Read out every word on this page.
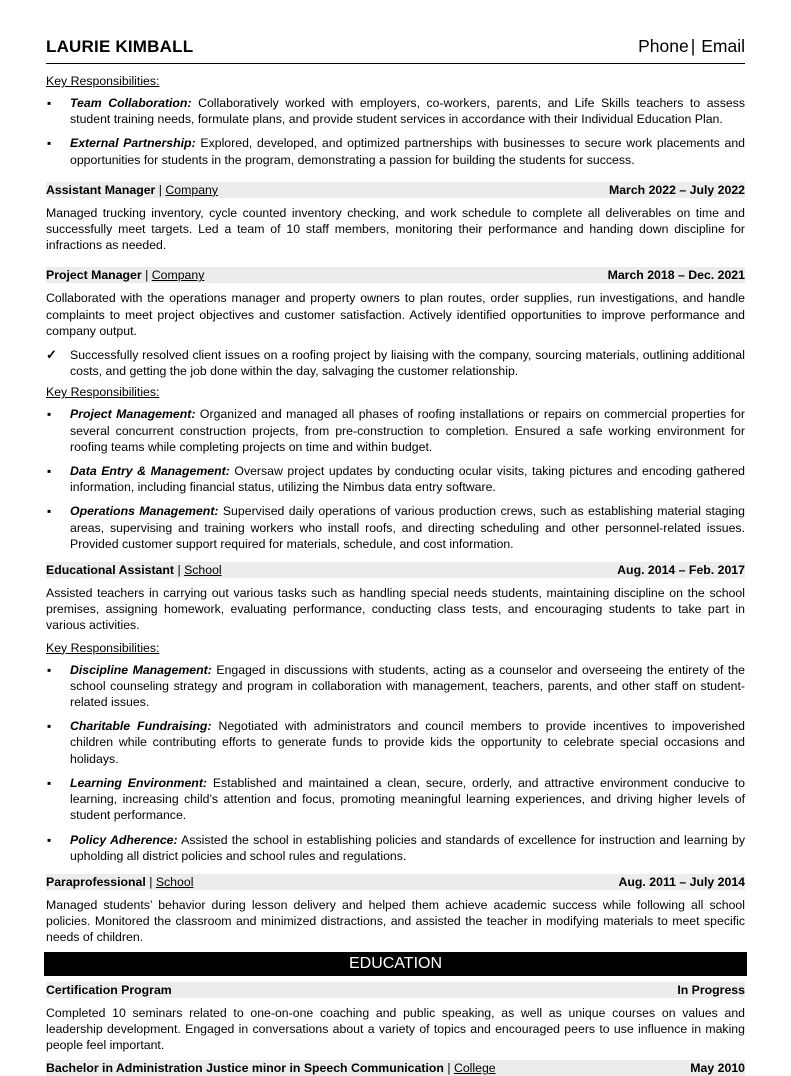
LAURIE KIMBALL	Phone | Email
Key Responsibilities:
▪ Team Collaboration: Collaboratively worked with employers, co-workers, parents, and Life Skills teachers to assess student training needs, formulate plans, and provide student services in accordance with their Individual Education Plan.
▪ External Partnership: Explored, developed, and optimized partnerships with businesses to secure work placements and opportunities for students in the program, demonstrating a passion for building the students for success.
Assistant Manager | Company	March 2022 – July 2022
Managed trucking inventory, cycle counted inventory checking, and work schedule to complete all deliverables on time and successfully meet targets. Led a team of 10 staff members, monitoring their performance and handing down discipline for infractions as needed.
Project Manager | Company	March 2018 – Dec. 2021
Collaborated with the operations manager and property owners to plan routes, order supplies, run investigations, and handle complaints to meet project objectives and customer satisfaction. Actively identified opportunities to improve performance and company output.
✓ Successfully resolved client issues on a roofing project by liaising with the company, sourcing materials, outlining additional costs, and getting the job done within the day, salvaging the customer relationship.
Key Responsibilities:
▪ Project Management: Organized and managed all phases of roofing installations or repairs on commercial properties for several concurrent construction projects, from pre-construction to completion. Ensured a safe working environment for roofing teams while completing projects on time and within budget.
▪ Data Entry & Management: Oversaw project updates by conducting ocular visits, taking pictures and encoding gathered information, including financial status, utilizing the Nimbus data entry software.
▪ Operations Management: Supervised daily operations of various production crews, such as establishing material staging areas, supervising and training workers who install roofs, and directing scheduling and other personnel-related issues. Provided customer support required for materials, schedule, and cost information.
Educational Assistant | School	Aug. 2014 – Feb. 2017
Assisted teachers in carrying out various tasks such as handling special needs students, maintaining discipline on the school premises, assigning homework, evaluating performance, conducting class tests, and encouraging students to take part in various activities.
Key Responsibilities:
▪ Discipline Management: Engaged in discussions with students, acting as a counselor and overseeing the entirety of the school counseling strategy and program in collaboration with management, teachers, parents, and other staff on student-related issues.
▪ Charitable Fundraising: Negotiated with administrators and council members to provide incentives to impoverished children while contributing efforts to generate funds to provide kids the opportunity to celebrate special occasions and holidays.
▪ Learning Environment: Established and maintained a clean, secure, orderly, and attractive environment conducive to learning, increasing child’s attention and focus, promoting meaningful learning experiences, and driving higher levels of student performance.
▪ Policy Adherence: Assisted the school in establishing policies and standards of excellence for instruction and learning by upholding all district policies and school rules and regulations.
Paraprofessional | School	Aug. 2011 – July 2014
Managed students’ behavior during lesson delivery and helped them achieve academic success while following all school policies. Monitored the classroom and minimized distractions, and assisted the teacher in modifying materials to meet specific needs of children.
EDUCATION
Certification Program	In Progress
Completed 10 seminars related to one-on-one coaching and public speaking, as well as unique courses on values and leadership development. Engaged in conversations about a variety of topics and encouraged peers to use influence in making people feel important.
Bachelor in Administration Justice minor in Speech Communication | College	May 2010
